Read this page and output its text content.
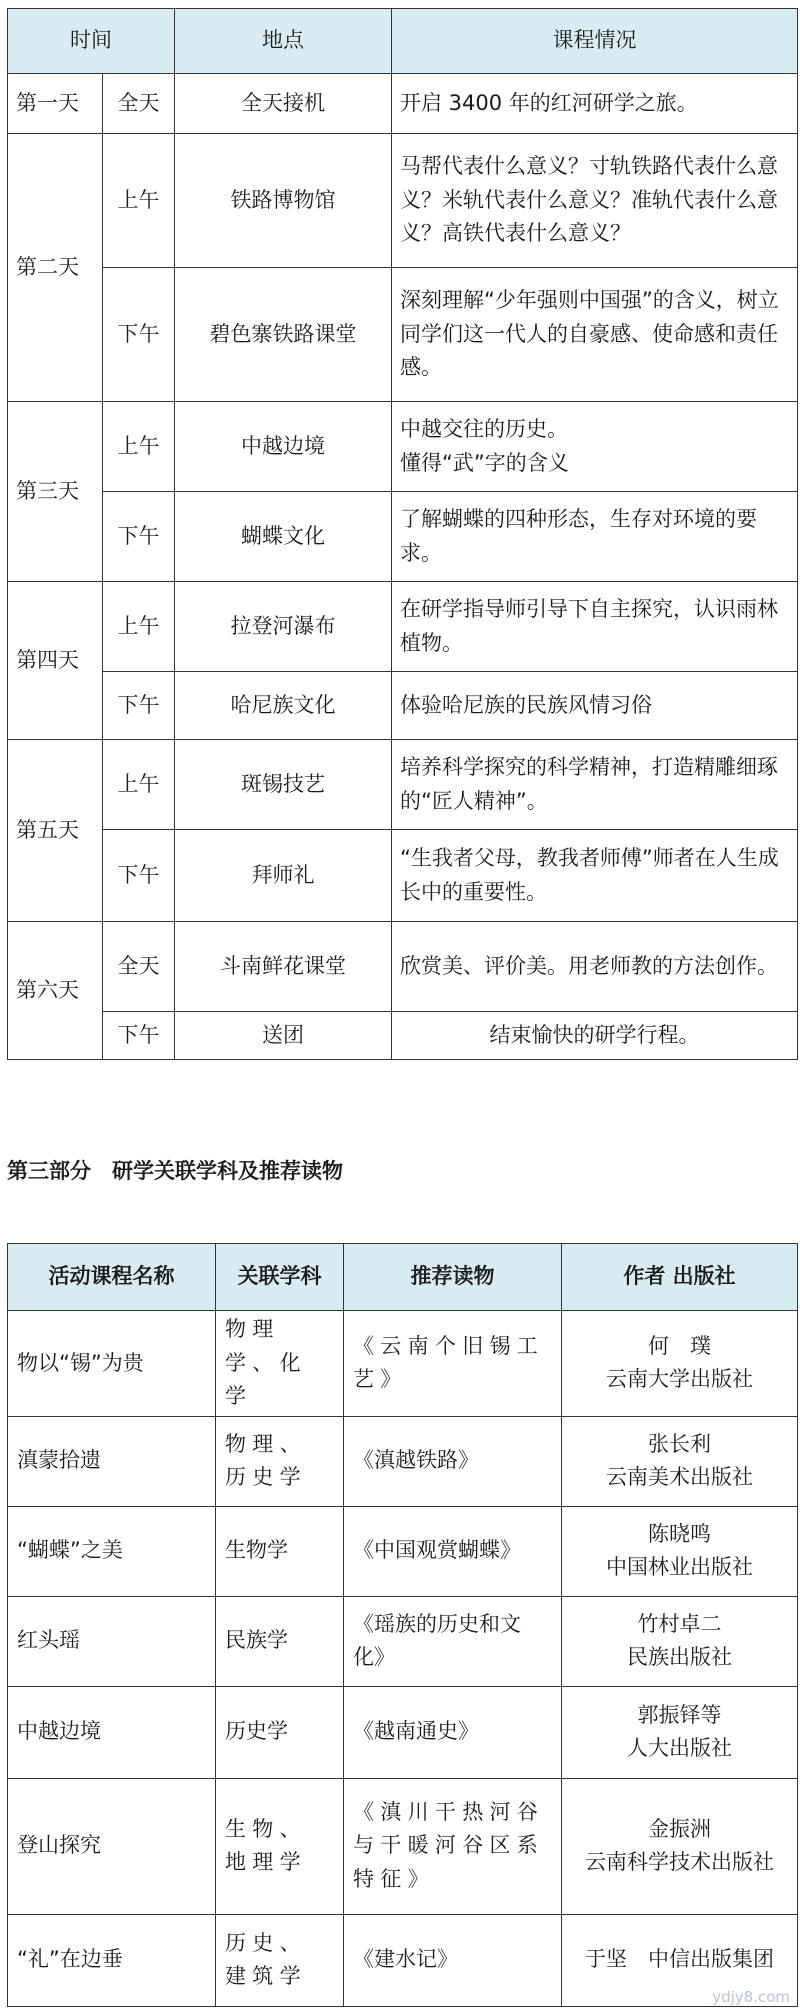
时间		地点	课程情况
第一天	全天	全天接机	开启 3400 年的红河研学之旅。
第二天	上午	铁路博物馆	马帮代表什么意义？寸轨铁路代表什么意义？米轨代表什么意义？准轨代表什么意义？高铁代表什么意义？
	下午	碧色寨铁路课堂	深刻理解“少年强则中国强”的含义，树立同学们这一代人的自豪感、使命感和责任感。
第三天	上午	中越边境	中越交往的历史。
懂得“武”字的含义

	下午	蝴蝶文化	了解蝴蝶的四种形态，生存对环境的要求。
第四天	上午	拉登河瀑布	在研学指导师引导下自主探究，认识雨林植物。
	下午	哈尼族文化	体验哈尼族的民族风情习俗
第五天	上午	斑锡技艺	培养科学探究的科学精神，打造精雕细琢的“匠人精神”。
	下午	拜师礼	“生我者父母，教我者师傅”师者在人生成长中的重要性。
第六天	全天	斗南鲜花课堂	欣赏美、评价美。用老师教的方法创作。
	下午	送团	结束愉快的研学行程。
第三部分　研学关联学科及推荐读物
活动课程名称	关联学科	推荐读物	作者 出版社
物以“锡”为贵	物理学、化学	《云南个旧锡工艺》	何　璞
云南大学出版社

滇蒙拾遗	物理、历史学	《滇越铁路》	张长利
云南美术出版社

“蝴蝶”之美	生物学	《中国观赏蝴蝶》	陈晓鸣
中国林业出版社

红头瑶	民族学	《瑶族的历史和文化》	竹村卓二
民族出版社

中越边境	历史学	《越南通史》	郭振铎等
人大出版社

登山探究	生物、地理学	《滇川干热河谷与干暖河谷区系特征》	金振洲
云南科学技术出版社

“礼”在边垂	历史、建筑学	《建水记》	于坚　中信出版集团
ydjy8.com
